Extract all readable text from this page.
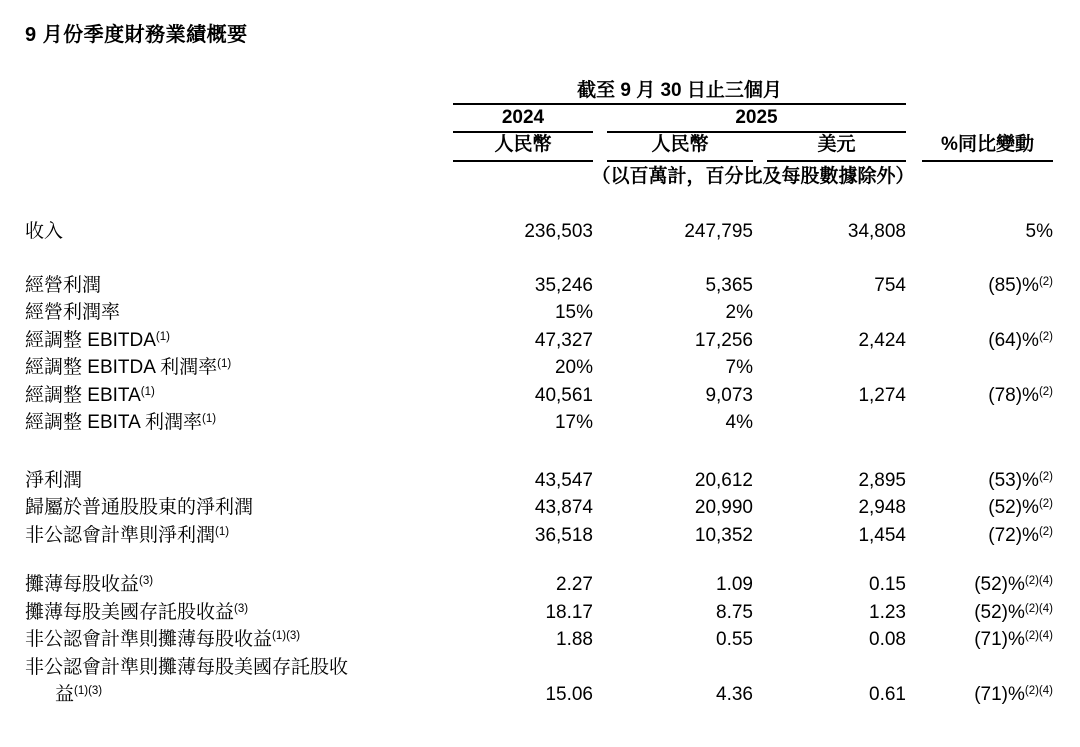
9 月份季度財務業績概要
截至 9 月 30 日止三個月
2024	2025
人民幣	人民幣	美元	%同比變動
（以百萬計，百分比及每股數據除外）
收入	236,503	247,795	34,808	5%
經營利潤	35,246	5,365	754	(85)%$^{(2)}$
經營利潤率	15%	2%
經調整 EBITDA$^{(1)}$	47,327	17,256	2,424	(64)%$^{(2)}$
經調整 EBITDA 利潤率$^{(1)}$	20%	7%
經調整 EBITA$^{(1)}$	40,561	9,073	1,274	(78)%$^{(2)}$
經調整 EBITA 利潤率$^{(1)}$	17%	4%
淨利潤	43,547	20,612	2,895	(53)%$^{(2)}$
歸屬於普通股股東的淨利潤	43,874	20,990	2,948	(52)%$^{(2)}$
非公認會計準則淨利潤$^{(1)}$	36,518	10,352	1,454	(72)%$^{(2)}$
攤薄每股收益$^{(3)}$	2.27	1.09	0.15	(52)%$^{(2)(4)}$
攤薄每股美國存託股收益$^{(3)}$	18.17	8.75	1.23	(52)%$^{(2)(4)}$
非公認會計準則攤薄每股收益$^{(1)(3)}$	1.88	0.55	0.08	(71)%$^{(2)(4)}$
非公認會計準則攤薄每股美國存託股收
益$^{(1)(3)}$	15.06	4.36	0.61	(71)%$^{(2)(4)}$
